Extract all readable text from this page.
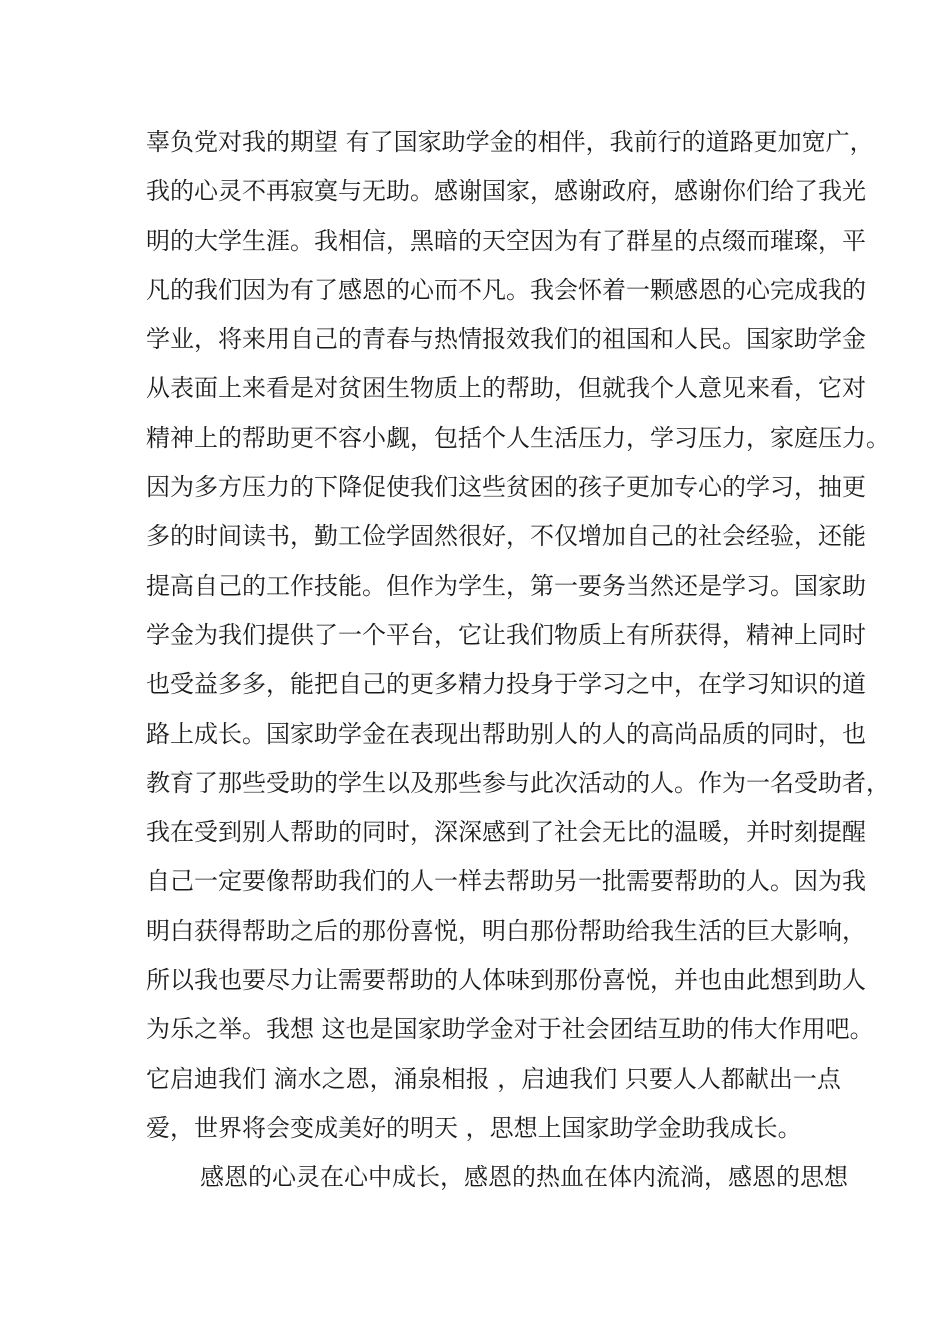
辜负党对我的期望 有了国家助学金的相伴，我前行的道路更加宽广，
我的心灵不再寂寞与无助。感谢国家，感谢政府，感谢你们给了我光
明的大学生涯。我相信，黑暗的天空因为有了群星的点缀而璀璨，平
凡的我们因为有了感恩的心而不凡。我会怀着一颗感恩的心完成我的
学业，将来用自己的青春与热情报效我们的祖国和人民。国家助学金
从表面上来看是对贫困生物质上的帮助，但就我个人意见来看，它对
精神上的帮助更不容小觑，包括个人生活压力，学习压力，家庭压力。
因为多方压力的下降促使我们这些贫困的孩子更加专心的学习，抽更
多的时间读书，勤工俭学固然很好，不仅增加自己的社会经验，还能
提高自己的工作技能。但作为学生，第一要务当然还是学习。国家助
学金为我们提供了一个平台，它让我们物质上有所获得，精神上同时
也受益多多，能把自己的更多精力投身于学习之中，在学习知识的道
路上成长。国家助学金在表现出帮助别人的人的高尚品质的同时，也
教育了那些受助的学生以及那些参与此次活动的人。作为一名受助者，
我在受到别人帮助的同时，深深感到了社会无比的温暖，并时刻提醒
自己一定要像帮助我们的人一样去帮助另一批需要帮助的人。因为我
明白获得帮助之后的那份喜悦，明白那份帮助给我生活的巨大影响，
所以我也要尽力让需要帮助的人体味到那份喜悦，并也由此想到助人
为乐之举。我想 这也是国家助学金对于社会团结互助的伟大作用吧。
它启迪我们 滴水之恩，涌泉相报 ，启迪我们 只要人人都献出一点
爱，世界将会变成美好的明天 ，思想上国家助学金助我成长。
感恩的心灵在心中成长，感恩的热血在体内流淌，感恩的思想
